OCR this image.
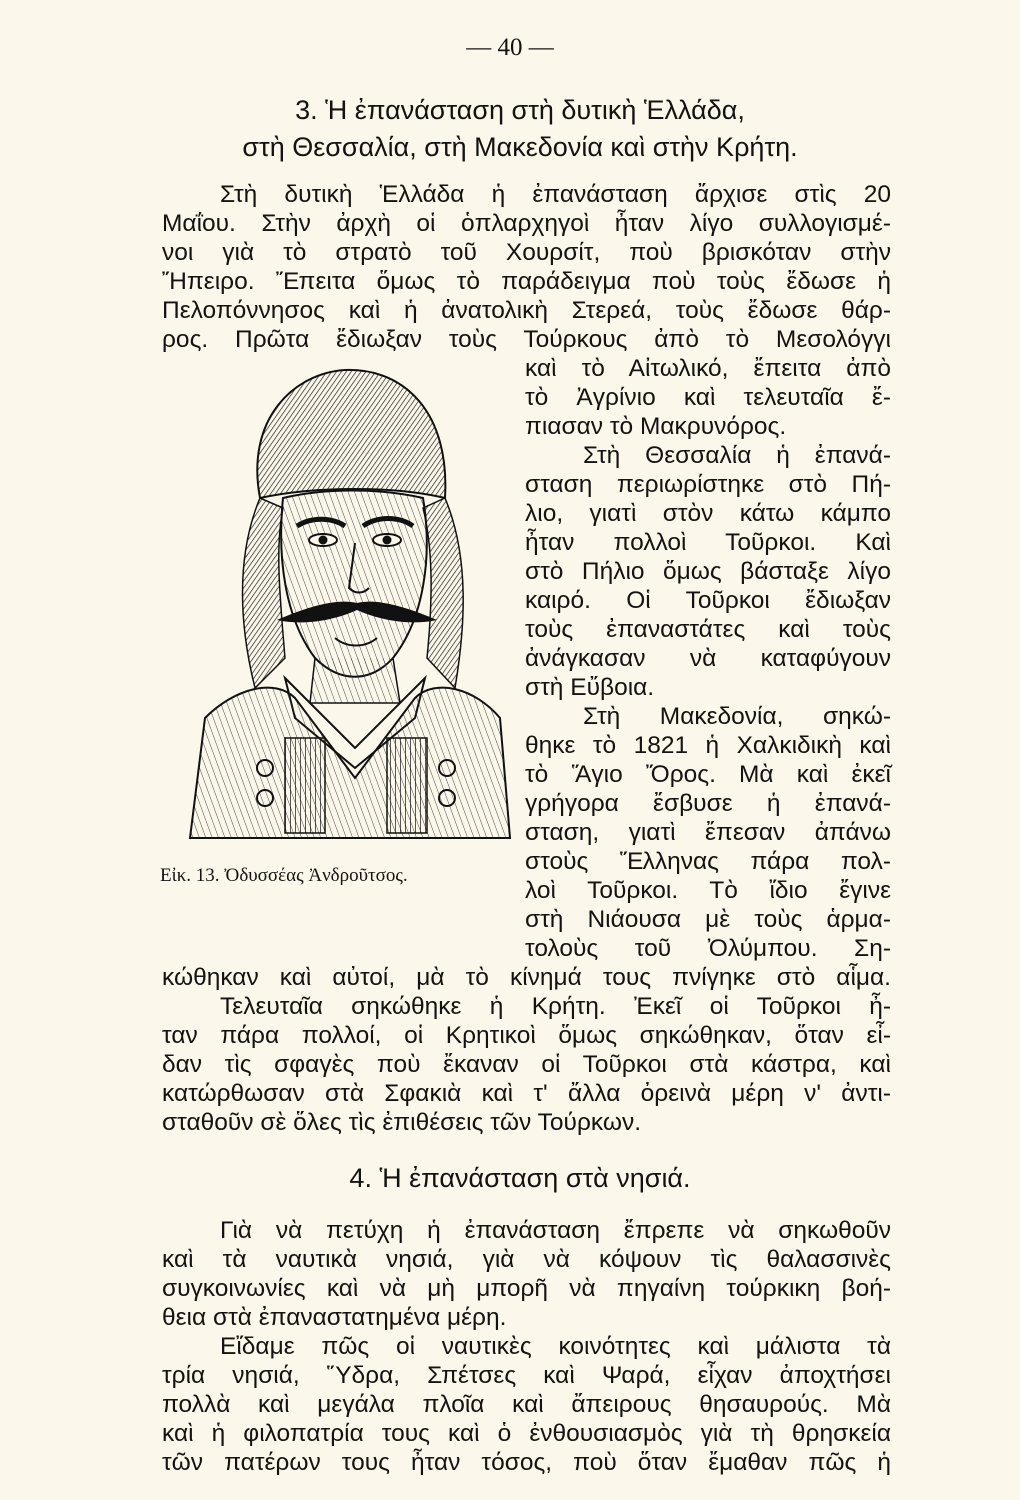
— 40 —
3. Ἡ ἐπανάσταση στὴ δυτικὴ Ἑλλάδα,
στὴ Θεσσαλία, στὴ Μακεδονία καὶ στὴν Κρήτη.

Στὴ δυτικὴ Ἑλλάδα ἡ ἐπανάσταση ἄρχισε στὶς 20

Μαΐου. Στὴν ἀρχὴ οἱ ὁπλαρχηγοὶ ἦταν λίγο συλλογισμέ-

νοι γιὰ τὸ στρατὸ τοῦ Χουρσίτ, ποὺ βρισκόταν στὴν

Ἤπειρο. Ἔπειτα ὅμως τὸ παράδειγμα ποὺ τοὺς ἔδωσε ἡ

Πελοπόννησος καὶ ἡ ἀνατολικὴ Στερεά, τοὺς ἔδωσε θάρ-

ρος. Πρῶτα ἔδιωξαν τοὺς Τούρκους ἀπὸ τὸ Μεσολόγγι

καὶ τὸ Αἰτωλικό, ἔπειτα ἀπὸ

τὸ Ἀγρίνιο καὶ τελευταῖα ἔ-

πιασαν τὸ Μακρυνόρος.

Στὴ Θεσσαλία ἡ ἐπανά-

σταση περιωρίστηκε στὸ Πή-

λιο, γιατὶ στὸν κάτω κάμπο

ἦταν πολλοὶ Τοῦρκοι. Καὶ

στὸ Πήλιο ὅμως βάσταξε λίγο

καιρό. Οἱ Τοῦρκοι ἔδιωξαν

τοὺς ἐπαναστάτες καὶ τοὺς

ἀνάγκασαν νὰ καταφύγουν

στὴ Εὔβοια.

Στὴ Μακεδονία, σηκώ-

θηκε τὸ 1821 ἡ Χαλκιδικὴ καὶ

τὸ Ἅγιο Ὄρος. Μὰ καὶ ἐκεῖ

γρήγορα ἔσβυσε ἡ ἐπανά-

σταση, γιατὶ ἔπεσαν ἀπάνω

στοὺς Ἕλληνας πάρα πολ-

λοὶ Τοῦρκοι. Τὸ ἴδιο ἔγινε

στὴ Νιάουσα μὲ τοὺς ἁρμα-

τολοὺς τοῦ Ὀλύμπου. Ση-

Εἰκ. 13. Ὀδυσσέας Ἀνδροῦτσος.

κώθηκαν καὶ αὐτοί, μὰ τὸ κίνημά τους πνίγηκε στὸ αἷμα.

Τελευταῖα σηκώθηκε ἡ Κρήτη. Ἐκεῖ οἱ Τοῦρκοι ἦ-

ταν πάρα πολλοί, οἱ Κρητικοὶ ὅμως σηκώθηκαν, ὅταν εἶ-

δαν τὶς σφαγὲς ποὺ ἔκαναν οἱ Τοῦρκοι στὰ κάστρα, καὶ

κατώρθωσαν στὰ Σφακιὰ καὶ τ' ἄλλα ὀρεινὰ μέρη ν' ἀντι-

σταθοῦν σὲ ὅλες τὶς ἐπιθέσεις τῶν Τούρκων.

4. Ἡ ἐπανάσταση στὰ νησιά.

Γιὰ νὰ πετύχη ἡ ἐπανάσταση ἔπρεπε νὰ σηκωθοῦν

καὶ τὰ ναυτικὰ νησιά, γιὰ νὰ κόψουν τὶς θαλασσινὲς

συγκοινωνίες καὶ νὰ μὴ μπορῆ νὰ πηγαίνη τούρκικη βοή-

θεια στὰ ἐπαναστατημένα μέρη.

Εἴδαμε πῶς οἱ ναυτικὲς κοινότητες καὶ μάλιστα τὰ

τρία νησιά, Ὕδρα, Σπέτσες καὶ Ψαρά, εἶχαν ἀποχτήσει

πολλὰ καὶ μεγάλα πλοῖα καὶ ἄπειρους θησαυρούς. Μὰ

καὶ ἡ φιλοπατρία τους καὶ ὁ ἐνθουσιασμὸς γιὰ τὴ θρησκεία

τῶν πατέρων τους ἦταν τόσος, ποὺ ὅταν ἔμαθαν πῶς ἡ
